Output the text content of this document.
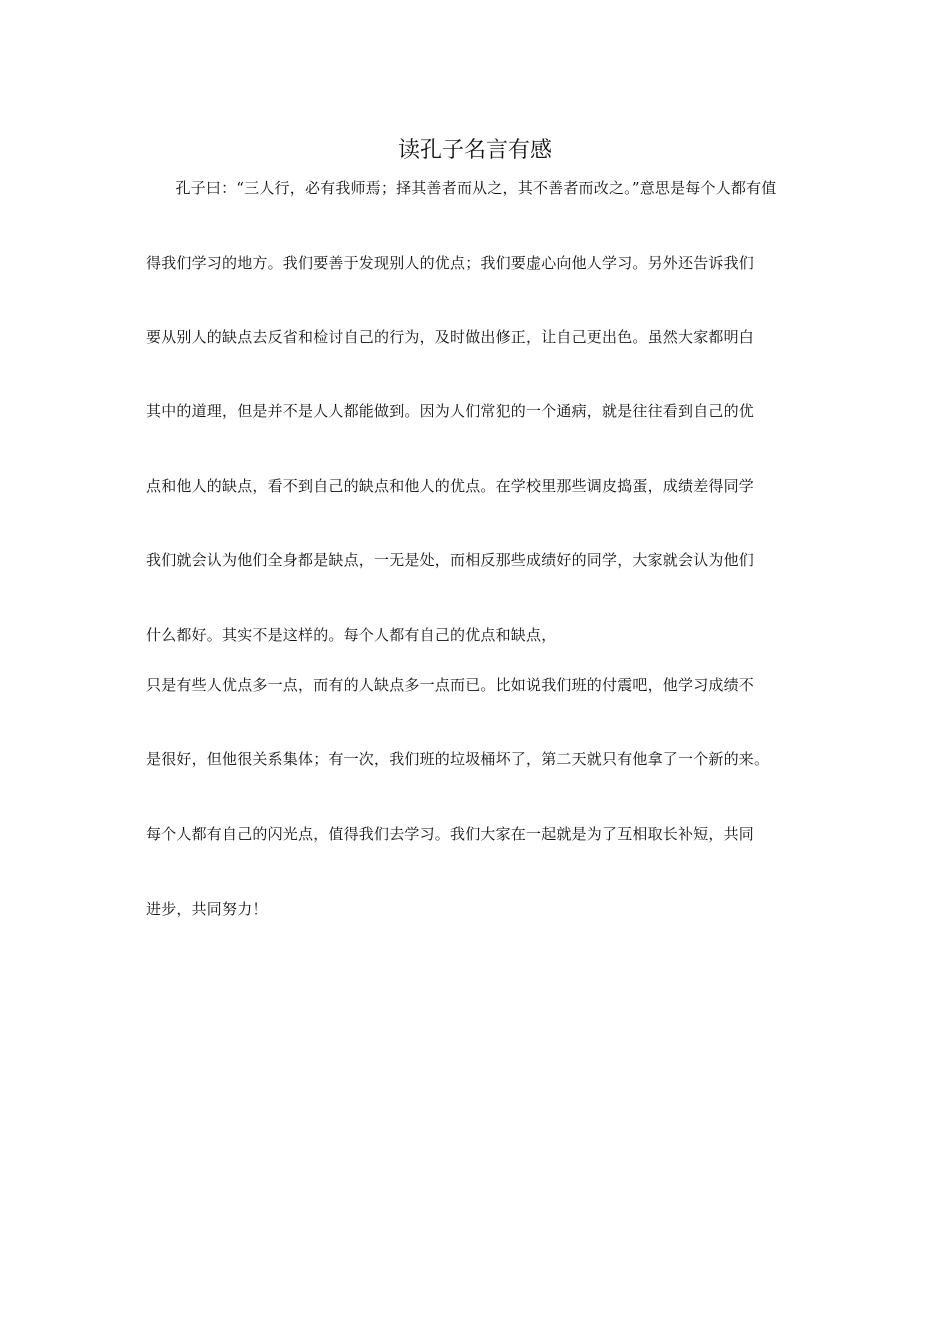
读孔子名言有感
孔子曰：“三人行，必有我师焉；择其善者而从之，其不善者而改之。”意思是每个人都有值
得我们学习的地方。我们要善于发现别人的优点；我们要虚心向他人学习。另外还告诉我们
要从别人的缺点去反省和检讨自己的行为，及时做出修正，让自己更出色。虽然大家都明白
其中的道理，但是并不是人人都能做到。因为人们常犯的一个通病，就是往往看到自己的优
点和他人的缺点，看不到自己的缺点和他人的优点。在学校里那些调皮捣蛋，成绩差得同学
我们就会认为他们全身都是缺点，一无是处，而相反那些成绩好的同学，大家就会认为他们
什么都好。其实不是这样的。每个人都有自己的优点和缺点，
只是有些人优点多一点，而有的人缺点多一点而已。比如说我们班的付震吧，他学习成绩不
是很好，但他很关系集体；有一次，我们班的垃圾桶坏了，第二天就只有他拿了一个新的来。
每个人都有自己的闪光点，值得我们去学习。我们大家在一起就是为了互相取长补短，共同
进步，共同努力！
